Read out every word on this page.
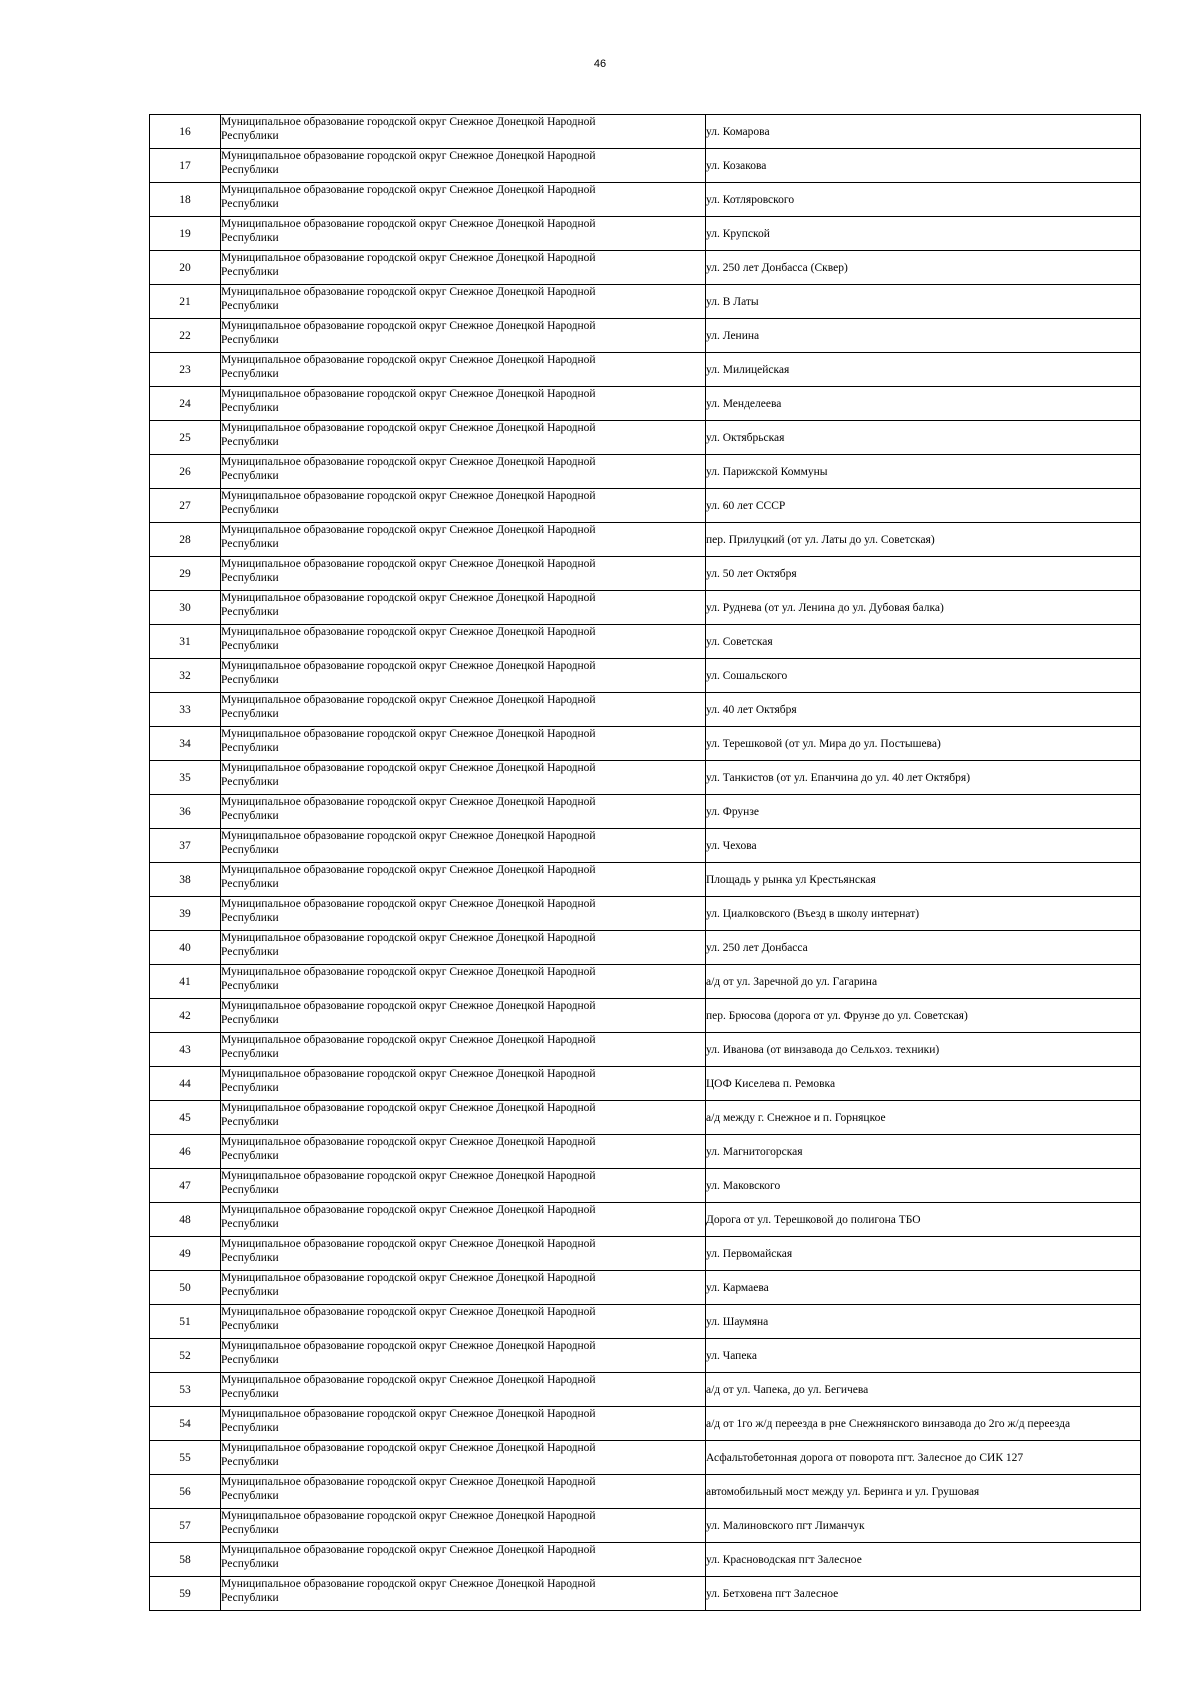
46
16	Муниципальное образование городской округ Снежное Донецкой Народной
Республики	ул. Комарова
17	Муниципальное образование городской округ Снежное Донецкой Народной
Республики	ул. Козакова
18	Муниципальное образование городской округ Снежное Донецкой Народной
Республики	ул. Котляровского
19	Муниципальное образование городской округ Снежное Донецкой Народной
Республики	ул. Крупской
20	Муниципальное образование городской округ Снежное Донецкой Народной
Республики	ул. 250 лет Донбасса (Сквер)
21	Муниципальное образование городской округ Снежное Донецкой Народной
Республики	ул. В Латы
22	Муниципальное образование городской округ Снежное Донецкой Народной
Республики	ул. Ленина
23	Муниципальное образование городской округ Снежное Донецкой Народной
Республики	ул. Милицейская
24	Муниципальное образование городской округ Снежное Донецкой Народной
Республики	ул. Менделеева
25	Муниципальное образование городской округ Снежное Донецкой Народной
Республики	ул. Октябрьская
26	Муниципальное образование городской округ Снежное Донецкой Народной
Республики	ул. Парижской Коммуны
27	Муниципальное образование городской округ Снежное Донецкой Народной
Республики	ул. 60 лет СССР
28	Муниципальное образование городской округ Снежное Донецкой Народной
Республики	пер. Прилуцкий (от ул. Латы до ул. Советская)
29	Муниципальное образование городской округ Снежное Донецкой Народной
Республики	ул. 50 лет Октября
30	Муниципальное образование городской округ Снежное Донецкой Народной
Республики	ул. Руднева (от ул. Ленина до ул. Дубовая балка)
31	Муниципальное образование городской округ Снежное Донецкой Народной
Республики	ул. Советская
32	Муниципальное образование городской округ Снежное Донецкой Народной
Республики	ул. Сошальского
33	Муниципальное образование городской округ Снежное Донецкой Народной
Республики	ул. 40 лет Октября
34	Муниципальное образование городской округ Снежное Донецкой Народной
Республики	ул. Терешковой (от ул. Мира до ул. Постышева)
35	Муниципальное образование городской округ Снежное Донецкой Народной
Республики	ул. Танкистов (от ул. Епанчина до ул. 40 лет Октября)
36	Муниципальное образование городской округ Снежное Донецкой Народной
Республики	ул. Фрунзе
37	Муниципальное образование городской округ Снежное Донецкой Народной
Республики	ул. Чехова
38	Муниципальное образование городской округ Снежное Донецкой Народной
Республики	Площадь у рынка ул Крестьянская
39	Муниципальное образование городской округ Снежное Донецкой Народной
Республики	ул. Циалковского (Въезд в школу интернат)
40	Муниципальное образование городской округ Снежное Донецкой Народной
Республики	ул. 250 лет Донбасса
41	Муниципальное образование городской округ Снежное Донецкой Народной
Республики	а/д от ул. Заречной до ул. Гагарина
42	Муниципальное образование городской округ Снежное Донецкой Народной
Республики	пер. Брюсова (дорога от ул. Фрунзе до ул. Советская)
43	Муниципальное образование городской округ Снежное Донецкой Народной
Республики	ул. Иванова (от винзавода до Сельхоз. техники)
44	Муниципальное образование городской округ Снежное Донецкой Народной
Республики	ЦОФ Киселева п. Ремовка
45	Муниципальное образование городской округ Снежное Донецкой Народной
Республики	а/д между г. Снежное и п. Горняцкое
46	Муниципальное образование городской округ Снежное Донецкой Народной
Республики	ул. Магнитогорская
47	Муниципальное образование городской округ Снежное Донецкой Народной
Республики	ул. Маковского
48	Муниципальное образование городской округ Снежное Донецкой Народной
Республики	Дорога от ул. Терешковой до полигона ТБО
49	Муниципальное образование городской округ Снежное Донецкой Народной
Республики	ул. Первомайская
50	Муниципальное образование городской округ Снежное Донецкой Народной
Республики	ул. Кармаева
51	Муниципальное образование городской округ Снежное Донецкой Народной
Республики	ул. Шаумяна
52	Муниципальное образование городской округ Снежное Донецкой Народной
Республики	ул. Чапека
53	Муниципальное образование городской округ Снежное Донецкой Народной
Республики	а/д от ул. Чапека, до ул. Бегичева
54	Муниципальное образование городской округ Снежное Донецкой Народной
Республики	а/д от 1го ж/д переезда в рне Снежнянского винзавода до 2го ж/д переезда
55	Муниципальное образование городской округ Снежное Донецкой Народной
Республики	Асфальтобетонная дорога от поворота пгт. Залесное до СИК 127
56	Муниципальное образование городской округ Снежное Донецкой Народной
Республики	автомобильный мост между ул. Беринга и ул. Грушовая
57	Муниципальное образование городской округ Снежное Донецкой Народной
Республики	ул. Малиновского пгт Лиманчук
58	Муниципальное образование городской округ Снежное Донецкой Народной
Республики	ул. Красноводская пгт Залесное
59	Муниципальное образование городской округ Снежное Донецкой Народной
Республики	ул. Бетховена пгт Залесное
